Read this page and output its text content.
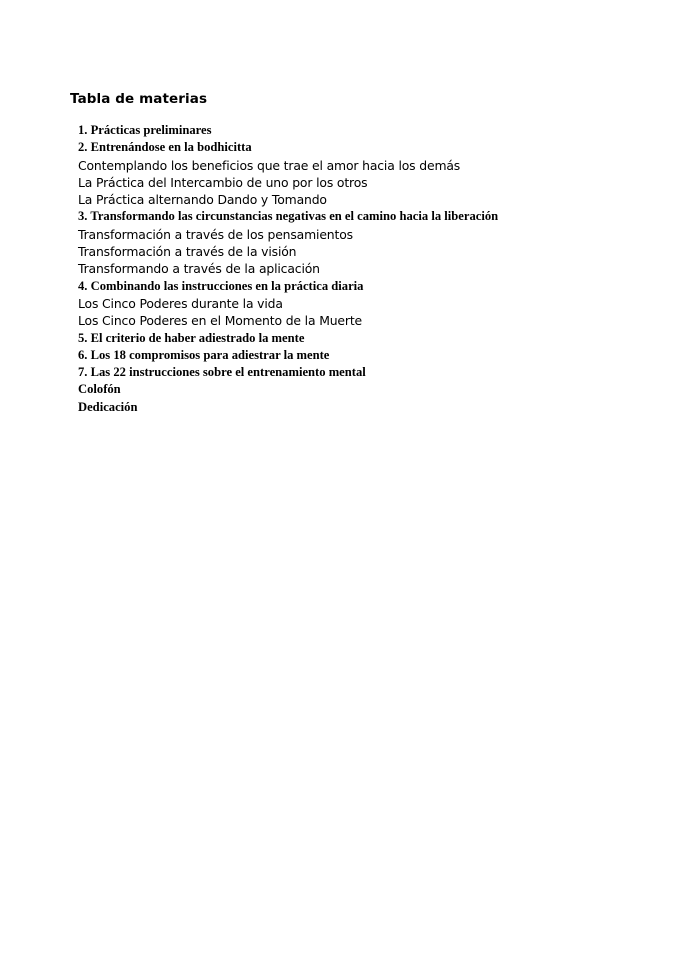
Tabla de materias
1. Prácticas preliminares
2. Entrenándose en la bodhicitta
Contemplando los beneficios que trae el amor hacia los demás
La Práctica del Intercambio de uno por los otros
La Práctica alternando Dando y Tomando
3. Transformando las circunstancias negativas en el camino hacia la liberación
Transformación a través de los pensamientos
Transformación a través de la visión
Transformando a través de la aplicación
4. Combinando las instrucciones en la práctica diaria
Los Cinco Poderes durante la vida
Los Cinco Poderes en el Momento de la Muerte
5. El criterio de haber adiestrado la mente
6. Los 18 compromisos para adiestrar la mente
7. Las 22 instrucciones sobre el entrenamiento mental
Colofón
Dedicación
